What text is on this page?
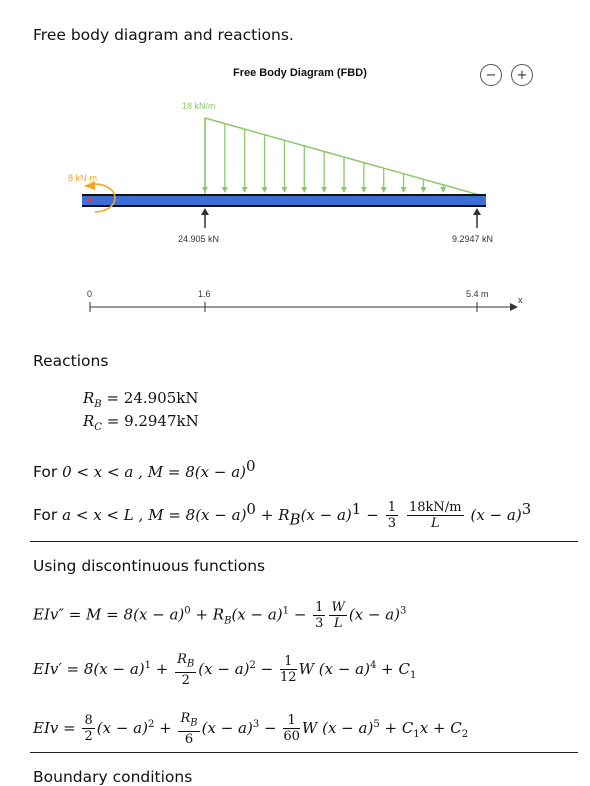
Free body diagram and reactions.
Free Body Diagram (FBD)	−	+
18 kN/m
8 kN·m
24.905 kN	9.2947 kN
0	1.6	5.4 m
x
Reactions
$R_B = 24.905kN$
$R_C = 9.2947kN$
For 0 < x < a , $M = 8(x - a)^0$
For a < x < L , $M = 8(x - a)^0 + R_B(x - a)^1 - \frac{1}{3}$
$\frac{18kN/m}{L} (x - a)^3$
Using discontinuous functions
$EIv'' = M = 8(x - a)^0 + R_B(x - a)^1 - \frac{1}{3} \frac{W}{L} (x - a)^3$
$EIv' = 8(x - a)^1 + \frac{R_B}{2} (x - a)^2 - \frac{1}{12}$ W $(x - a)^4 + C_1$
EIv = $\frac{8}{2} (x - a)^2 + \frac{R_B}{6} (x - a)^3 - \frac{1}{60}$ W $(x - a)^5 + C_1x + C_2$
Boundary conditions
